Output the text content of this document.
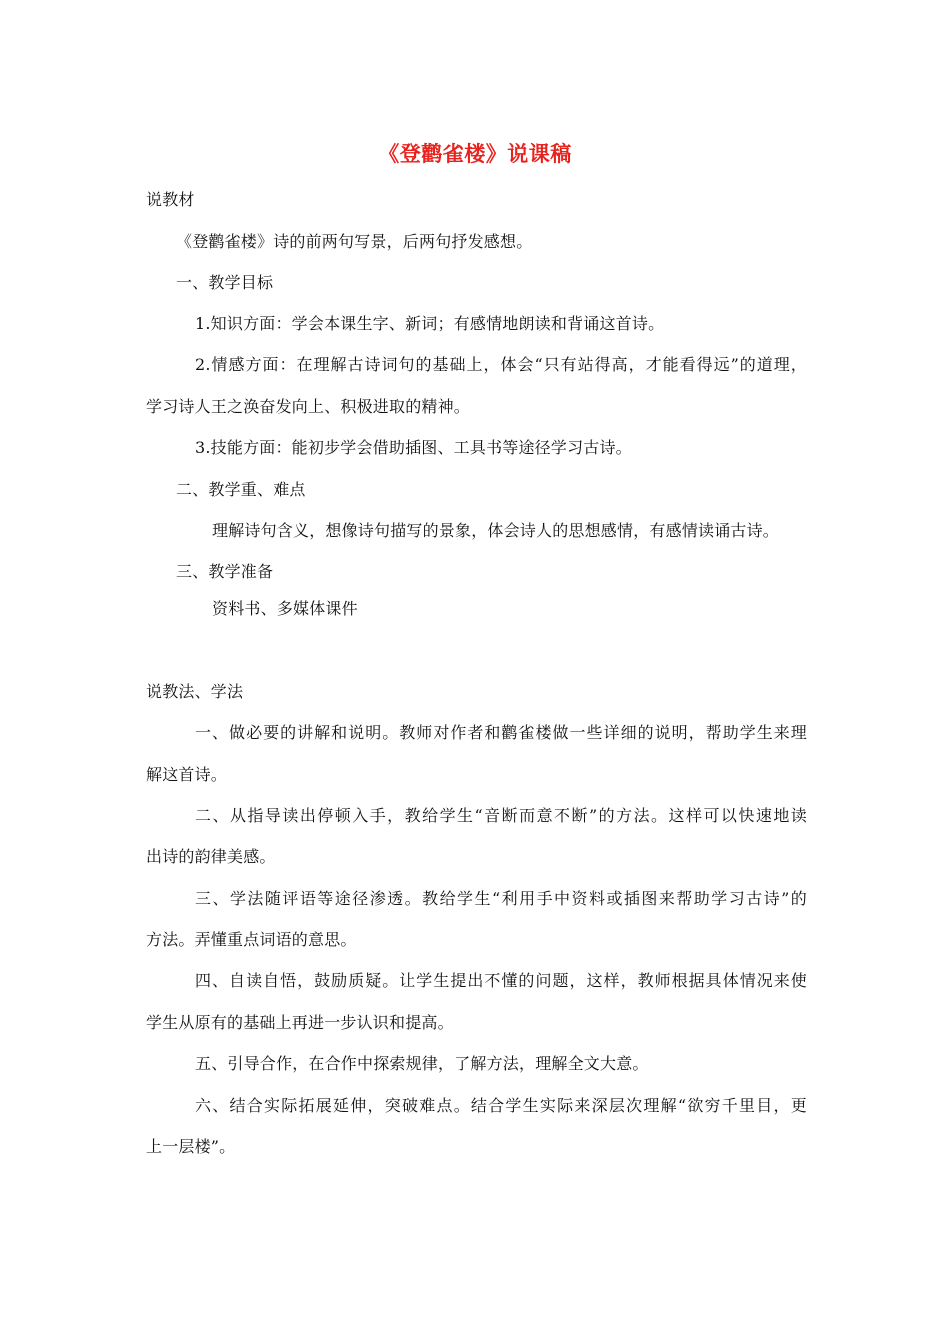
《登鹳雀楼》说课稿
说教材
《登鹳雀楼》诗的前两句写景，后两句抒发感想。
一、教学目标
1.知识方面：学会本课生字、新词；有感情地朗读和背诵这首诗。
2.情感方面：在理解古诗词句的基础上，体会“只有站得高，才能看得远”的道理，
学习诗人王之涣奋发向上、积极进取的精神。
3.技能方面：能初步学会借助插图、工具书等途径学习古诗。
二、教学重、难点
理解诗句含义，想像诗句描写的景象，体会诗人的思想感情，有感情读诵古诗。
三、教学准备
资料书、多媒体课件
说教法、学法
一、做必要的讲解和说明。教师对作者和鹳雀楼做一些详细的说明，帮助学生来理
解这首诗。
二、从指导读出停顿入手，教给学生“音断而意不断”的方法。这样可以快速地读
出诗的韵律美感。
三、学法随评语等途径渗透。教给学生“利用手中资料或插图来帮助学习古诗”的
方法。弄懂重点词语的意思。
四、自读自悟，鼓励质疑。让学生提出不懂的问题，这样，教师根据具体情况来使
学生从原有的基础上再进一步认识和提高。
五、引导合作，在合作中探索规律，了解方法，理解全文大意。
六、结合实际拓展延伸，突破难点。结合学生实际来深层次理解“欲穷千里目，更
上一层楼”。
